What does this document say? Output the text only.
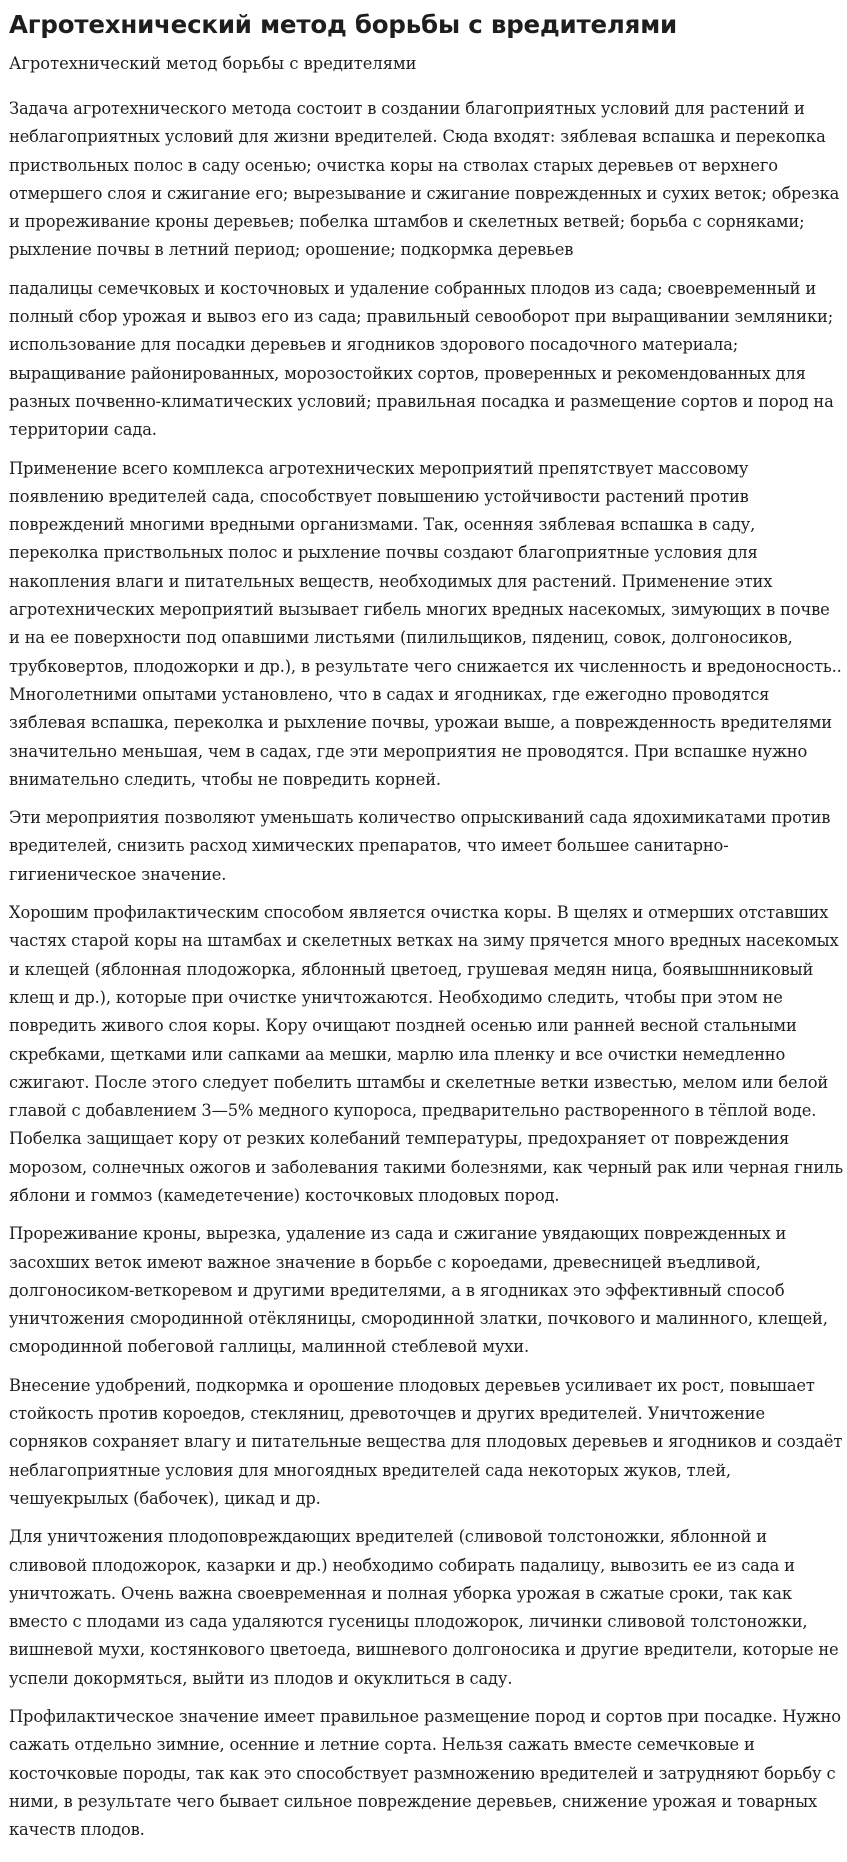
Агротехнический метод борьбы с вредителями
Агротехнический метод борьбы с вредителями

Задача агротехнического метода состоит в создании благоприятных условий для растений и неблагоприятных условий для жизни вредителей. Сюда входят: зяблевая вспашка и перекопка приствольных полос в саду осенью; очистка коры на стволах старых деревьев от верхнего отмершего слоя и сжигание его; вырезывание и сжигание поврежденных и сухих веток; обрезка и прореживание кроны деревьев; побелка штамбов и скелетных ветвей; борьба с сорняками; рыхление почвы в летний период; орошение; подкормка деревьев

падалицы семечковых и косточновых и удаление собранных плодов из сада; своевременный и полный сбор урожая и вывоз его из сада; правильный севооборот при выращивании земляники; использование для посадки деревьев и ягодников здорового посадочного материала; выращивание районированных, морозостойких сортов, проверенных и рекомендованных для разных почвенно-климатических условий; правильная посадка и размещение сортов и пород на территории сада.

Применение всего комплекса агротехнических мероприятий препятствует массовому появлению вредителей сада, способствует повышению устойчивости растений против повреждений многими вредными организмами. Так, осенняя зяблевая вспашка в саду, переколка приствольных полос и рыхление почвы создают благоприятные условия для накопления влаги и питательных веществ, необходимых для растений. Применение этих агротехнических мероприятий вызывает гибель многих вредных насекомых, зимующих в почве и на ее поверхности под опавшими листьями (пилильщиков, пядениц, совок, долгоносиков, трубковертов, плодожорки и др.), в результате чего снижается их численность и вредоносность.. Многолетними опытами установлено, что в садах и ягодниках, где ежегодно проводятся зяблевая вспашка, переколка и рыхление почвы, урожаи выше, а поврежденность вредителями значительно меньшая, чем в садах, где эти мероприятия не проводятся. При вспашке нужно внимательно следить, чтобы не повредить корней.

Эти мероприятия позволяют уменьшать количество опрыскиваний сада ядохимикатами против вредителей, снизить расход химических препаратов, что имеет большее санитарно-гигиеническое значение.

Хорошим профилактическим способом является очистка коры. В щелях и отмерших отставших частях старой коры на штамбах и скелетных ветках на зиму прячется много вредных насекомых и клещей (яблонная плодожорка, яблонный цветоед, грушевая медян ница, боявышнниковый клещ и др.), которые при очистке уничтожаются. Необходимо следить, чтобы при этом не повредить живого слоя коры. Кору очищают поздней осенью или ранней весной стальными скребками, щетками или сапками аа мешки, марлю ила пленку и все очистки немедленно сжигают. После этого следует побелить штамбы и скелетные ветки известью, мелом или белой главой с добавлением 3—5% медного купороса, предварительно растворенного в тёплой воде. Побелка защищает кору от резких колебаний температуры, предохраняет от повреждения морозом, солнечных ожогов и заболевания такими болезнями, как черный рак или черная гниль яблони и гоммоз (камедетечение) косточковых плодовых пород.

Прореживание кроны, вырезка, удаление из сада и сжигание увядающих поврежденных и засохших веток имеют важное значение в борьбе с короедами, древесницей въедливой, долгоносиком-веткоревом и другими вредителями, а в ягодниках это эффективный способ уничтожения смородинной отёкляницы, смородинной златки, почкового и малинного, клещей, смородинной побеговой галлицы, малинной стеблевой мухи.

Внесение удобрений, подкормка и орошение плодовых деревьев усиливает их рост, повышает стойкость против короедов, стекляниц, древоточцев и других вредителей. Уничтожение сорняков сохраняет влагу и питательные вещества для плодовых деревьев и ягодников и создаёт неблагоприятные условия для многоядных вредителей сада некоторых жуков, тлей, чешуекрылых (бабочек), цикад и др.

Для уничтожения плодоповреждающих вредителей (сливовой толстоножки, яблонной и сливовой плодожорок, казарки и др.) необходимо собирать падалицу, вывозить ее из сада и уничтожать. Очень важна своевременная и полная уборка урожая в сжатые сроки, так как вместо с плодами из сада удаляются гусеницы плодожорок, личинки сливовой толстоножки, вишневой мухи, костянкового цветоеда, вишневого долгоносика и другие вредители, которые не успели докормяться, выйти из плодов и окуклиться в саду.

Профилактическое значение имеет правильное размещение пород и сортов при посадке. Нужно сажать отдельно зимние, осенние и летние сорта. Нельзя сажать вместе семечковые и косточковые породы, так как это способствует размножению вредителей и затрудняют борьбу с ними, в результате чего бывает сильное повреждение деревьев, снижение урожая и товарных качеств плодов.
